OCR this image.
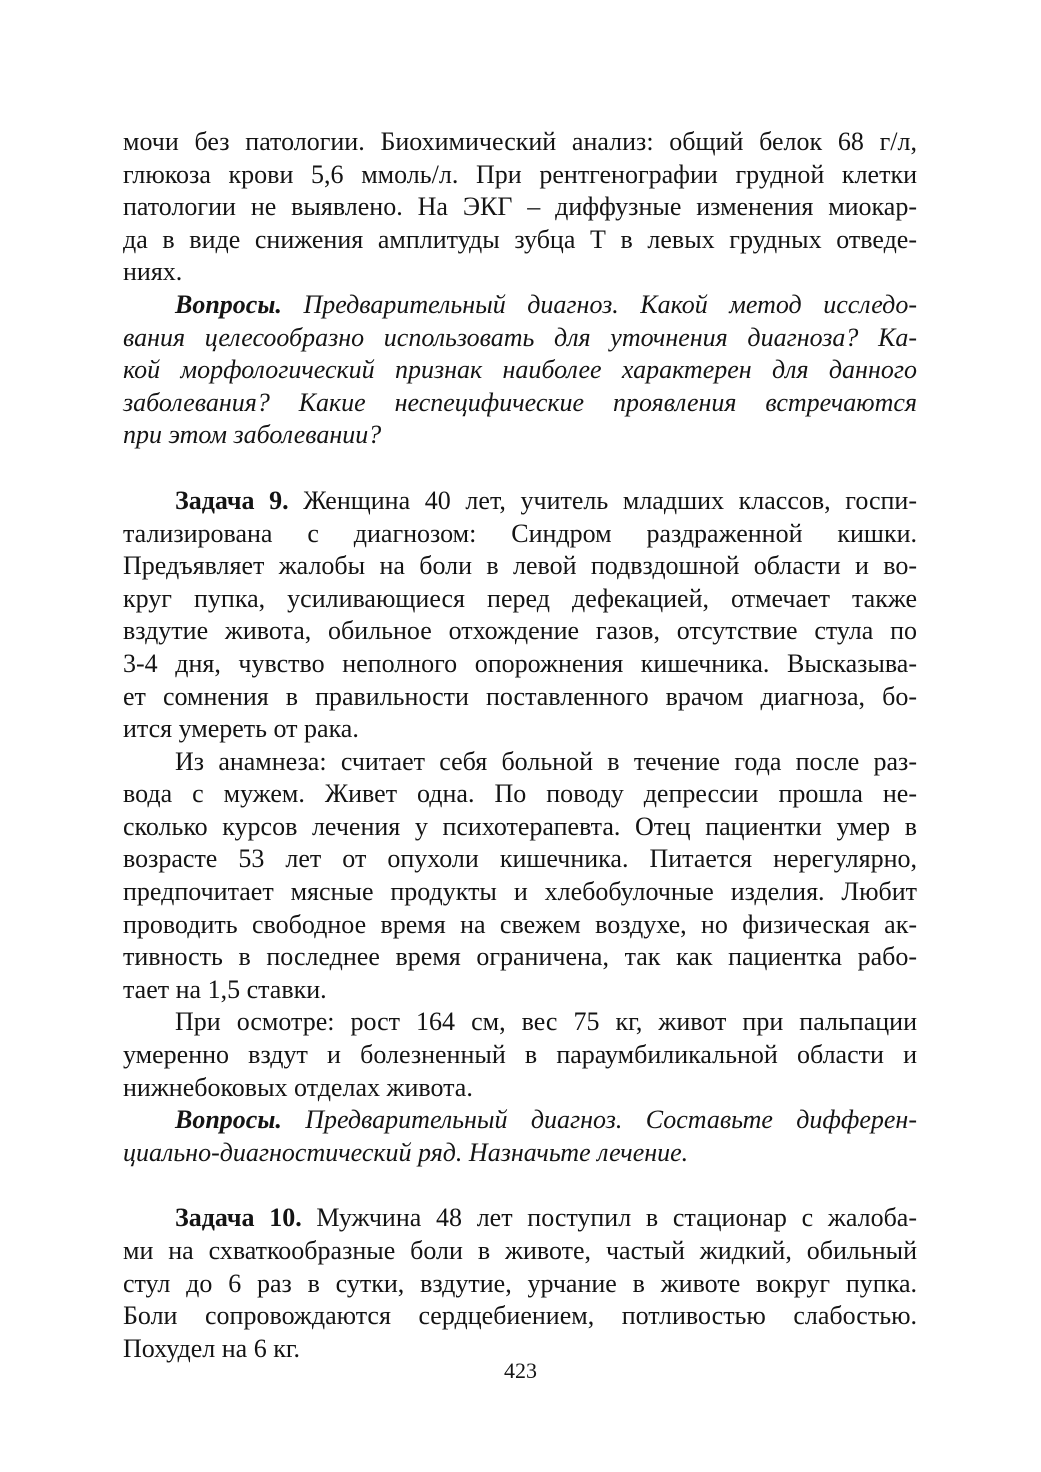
мочи без патологии. Биохимический анализ: общий белок 68 г/л,
глюкоза крови 5,6 ммоль/л. При рентгенографии грудной клетки
патологии не выявлено. На ЭКГ – диффузные изменения миокар-
да в виде снижения амплитуды зубца Т в левых грудных отведе-
ниях.

Вопросы. Предварительный диагноз. Какой метод исследо-
вания целесообразно использовать для уточнения диагноза? Ка-
кой морфологический признак наиболее характерен для данного
заболевания? Какие неспецифические проявления встречаются
при этом заболевании?

Задача 9. Женщина 40 лет, учитель младших классов, госпи-
тализирована с диагнозом: Синдром раздраженной кишки.
Предъявляет жалобы на боли в левой подвздошной области и во-
круг пупка, усиливающиеся перед дефекацией, отмечает также
вздутие живота, обильное отхождение газов, отсутствие стула по
3-4 дня, чувство неполного опорожнения кишечника. Высказыва-
ет сомнения в правильности поставленного врачом диагноза, бо-
ится умереть от рака.

Из анамнеза: считает себя больной в течение года после раз-
вода с мужем. Живет одна. По поводу депрессии прошла не-
сколько курсов лечения у психотерапевта. Отец пациентки умер в
возрасте 53 лет от опухоли кишечника. Питается нерегулярно,
предпочитает мясные продукты и хлебобулочные изделия. Любит
проводить свободное время на свежем воздухе, но физическая ак-
тивность в последнее время ограничена, так как пациентка рабо-
тает на 1,5 ставки.

При осмотре: рост 164 см, вес 75 кг, живот при пальпации
умеренно вздут и болезненный в параумбиликальной области и
нижнебоковых отделах живота.

Вопросы. Предварительный диагноз. Составьте дифферен-
циально-диагностический ряд. Назначьте лечение.

Задача 10. Мужчина 48 лет поступил в стационар с жалоба-
ми на схваткообразные боли в животе, частый жидкий, обильный
стул до 6 раз в сутки, вздутие, урчание в животе вокруг пупка.
Боли сопровождаются сердцебиением, потливостью слабостью.
Похудел на 6 кг.

423
